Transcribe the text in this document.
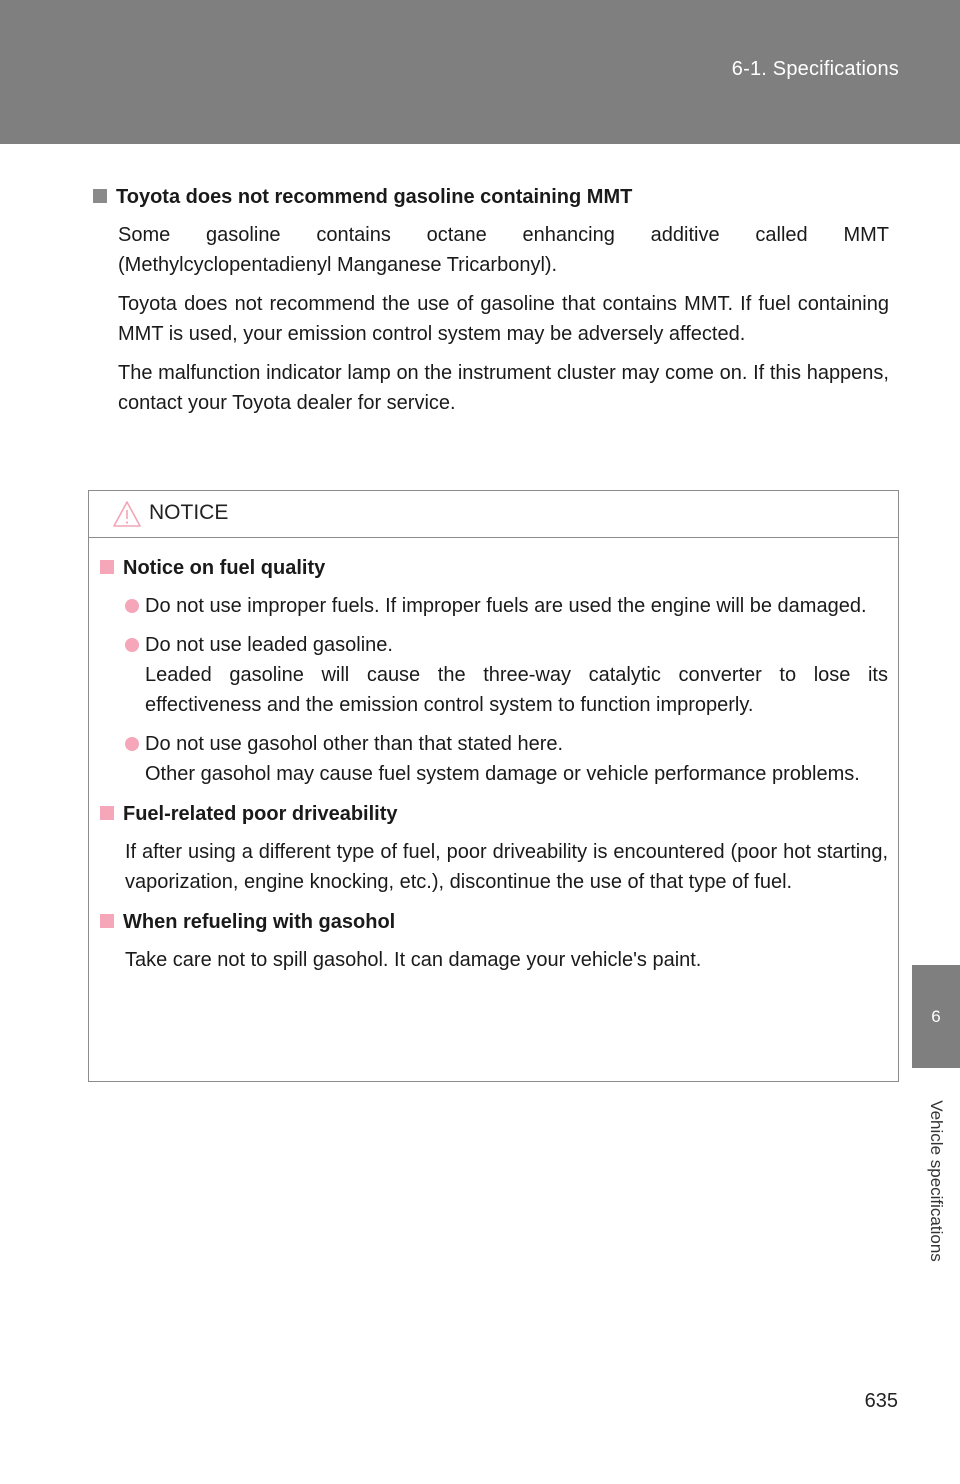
6-1. Specifications
Toyota does not recommend gasoline containing MMT
Some gasoline contains octane enhancing additive called MMT (Methylcyclopentadienyl Manganese Tricarbonyl).
Toyota does not recommend the use of gasoline that contains MMT. If fuel containing MMT is used, your emission control system may be adversely affected.
The malfunction indicator lamp on the instrument cluster may come on. If this happens, contact your Toyota dealer for service.
NOTICE
Notice on fuel quality
Do not use improper fuels. If improper fuels are used the engine will be damaged.
Do not use leaded gasoline.
Leaded gasoline will cause the three-way catalytic converter to lose its effectiveness and the emission control system to function improperly.
Do not use gasohol other than that stated here.
Other gasohol may cause fuel system damage or vehicle performance problems.
Fuel-related poor driveability
If after using a different type of fuel, poor driveability is encountered (poor hot starting, vaporization, engine knocking, etc.), discontinue the use of that type of fuel.
When refueling with gasohol
Take care not to spill gasohol. It can damage your vehicle's paint.
6
Vehicle specifications
635
